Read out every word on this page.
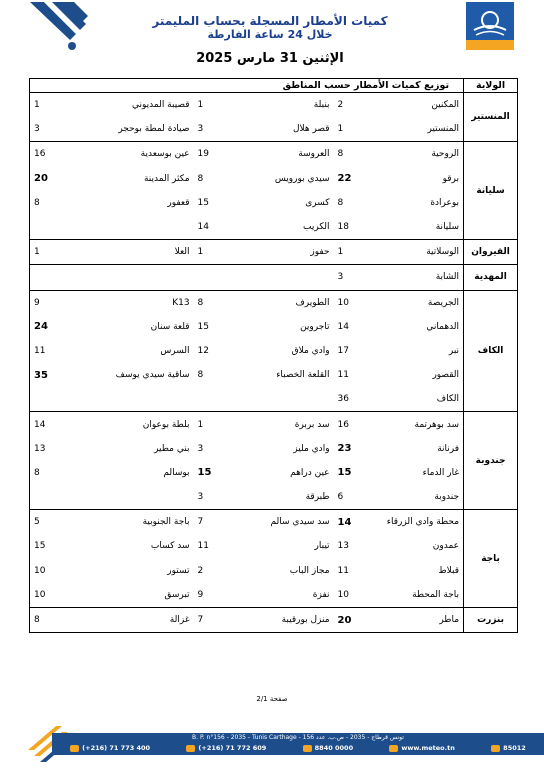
كميات الأمطار المسجلة بحساب المليمتر
خلال 24 ساعة الفارطة
الإثنين 31 مارس 2025
الولاية	توزيع كميات الأمطار حسب المناطق					
المنستير	المكنين	2	بنبلة	1	قصيبة المديوني	1
	المنستير	1	قصر هلال	3	صيادة لمطة بوحجر	3
سليانة	الروحية	8	العروسة	19	عين بوسعدية	16
	برقو	22	سيدي بورويس	8	مكثر المدينة	20
	بوعرادة	8	كسرى	15	قعفور	8
	سليانة	18	الكريب	14		
القيروان	الوسلاتية	1	حفوز	1	العلا	1
المهدية	الشابة	3				
الكاف	الجريصة	10	الطويرف	8	K13	9
	الدهماني	14	تاجروين	15	قلعة سنان	24
	نبر	17	وادي ملاق	12	السرس	11
	القصور	11	القلعة الخصباء	8	ساقية سيدي يوسف	35
	الكاف	36				
جندوبة	سد بوهرتمة	16	سد بربرة	1	بلطة بوعوان	14
	فرنانة	23	وادي مليز	3	بني مطير	13
	غار الدماء	15	عين دراهم	15	بوسالم	8
	جندوبة	6	طبرقة	3		
باجة	محطة وادي الزرقاء	14	سد سيدي سالم	7	باجة الجنوبية	5
	عمدون	13	تيبار	11	سد كساب	15
	قبلاط	11	مجاز الباب	2	تستور	10
	باجة المحطة	10	نفزة	9	تبرسق	10
بنزرت	ماطر	20	منزل بورقيبة	7	غزالة	8
صفحة 2/1
B. P. n°156 - 2035 - Tunis Carthage - تونس قرطاج - 2035 - ص.ب. عدد 156
(+216) 71 773 400	(+216) 71 772 609	8840 0000	www.meteo.tn	85012
